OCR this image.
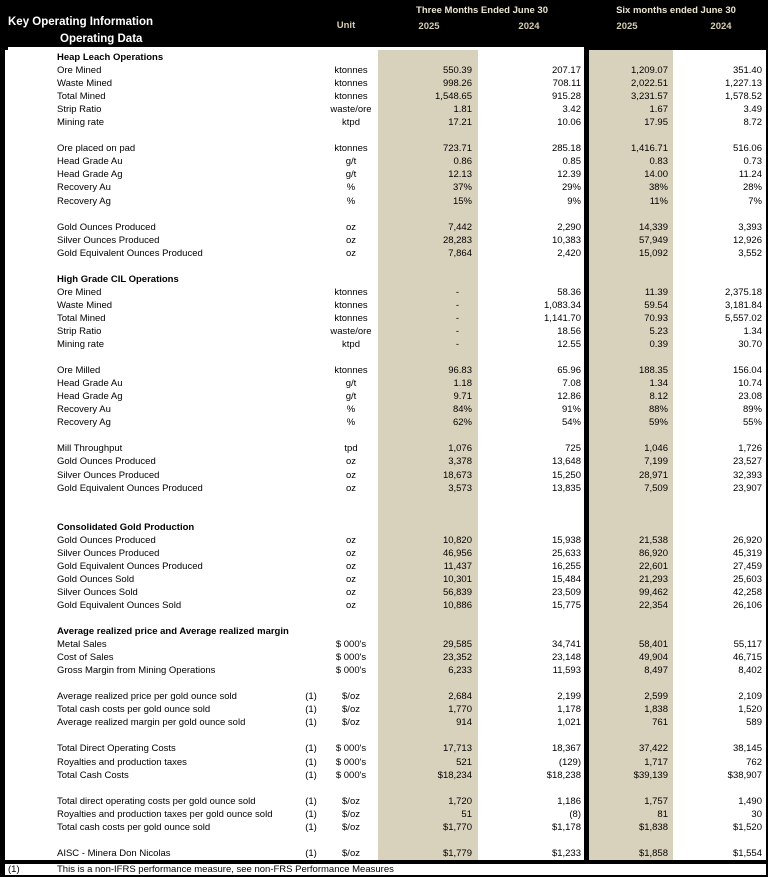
Key Operating Information
Operating Data
Unit
Three Months Ended June 30	Six months ended June 30
2025	2024	2025	2024
Heap Leach Operations
Ore Mined	ktonnes	550.39	207.17	1,209.07	351.40
Waste Mined	ktonnes	998.26	708.11	2,022.51	1,227.13
Total Mined	ktonnes	1,548.65	915.28	3,231.57	1,578.52
Strip Ratio	waste/ore	1.81	3.42	1.67	3.49
Mining rate	ktpd	17.21	10.06	17.95	8.72
Ore placed on pad	ktonnes	723.71	285.18	1,416.71	516.06
Head Grade Au	g/t	0.86	0.85	0.83	0.73
Head Grade Ag	g/t	12.13	12.39	14.00	11.24
Recovery Au	%	37%	29%	38%	28%
Recovery Ag	%	15%	9%	11%	7%
Gold Ounces Produced	oz	7,442	2,290	14,339	3,393
Silver Ounces Produced	oz	28,283	10,383	57,949	12,926
Gold Equivalent Ounces Produced	oz	7,864	2,420	15,092	3,552
High Grade CIL Operations
Ore Mined	ktonnes	-	58.36	11.39	2,375.18
Waste Mined	ktonnes	-	1,083.34	59.54	3,181.84
Total Mined	ktonnes	-	1,141.70	70.93	5,557.02
Strip Ratio	waste/ore	-	18.56	5.23	1.34
Mining rate	ktpd	-	12.55	0.39	30.70
Ore Milled	ktonnes	96.83	65.96	188.35	156.04
Head Grade Au	g/t	1.18	7.08	1.34	10.74
Head Grade Ag	g/t	9.71	12.86	8.12	23.08
Recovery Au	%	84%	91%	88%	89%
Recovery Ag	%	62%	54%	59%	55%
Mill Throughput	tpd	1,076	725	1,046	1,726
Gold Ounces Produced	oz	3,378	13,648	7,199	23,527
Silver Ounces Produced	oz	18,673	15,250	28,971	32,393
Gold Equivalent Ounces Produced	oz	3,573	13,835	7,509	23,907
Consolidated Gold Production
Gold Ounces Produced	oz	10,820	15,938	21,538	26,920
Silver Ounces Produced	oz	46,956	25,633	86,920	45,319
Gold Equivalent Ounces Produced	oz	11,437	16,255	22,601	27,459
Gold Ounces Sold	oz	10,301	15,484	21,293	25,603
Silver Ounces Sold	oz	56,839	23,509	99,462	42,258
Gold Equivalent Ounces Sold	oz	10,886	15,775	22,354	26,106
Average realized price and Average realized margin
Metal Sales	$ 000's	29,585	34,741	58,401	55,117
Cost of Sales	$ 000's	23,352	23,148	49,904	46,715
Gross Margin from Mining Operations	$ 000's	6,233	11,593	8,497	8,402
Average realized price per gold ounce sold	(1)	$/oz	2,684	2,199	2,599	2,109
Total cash costs per gold ounce sold	(1)	$/oz	1,770	1,178	1,838	1,520
Average realized margin per gold ounce sold	(1)	$/oz	914	1,021	761	589
Total Direct Operating Costs	(1)	$ 000's	17,713	18,367	37,422	38,145
Royalties and production taxes	(1)	$ 000's	521	(129)	1,717	762
Total Cash Costs	(1)	$ 000's	$18,234	$18,238	$39,139	$38,907
Total direct operating costs per gold ounce sold	(1)	$/oz	1,720	1,186	1,757	1,490
Royalties and production taxes per gold ounce sold	(1)	$/oz	51	(8)	81	30
Total cash costs per gold ounce sold	(1)	$/oz	$1,770	$1,178	$1,838	$1,520
AISC - Minera Don Nicolas	(1)	$/oz	$1,779	$1,233	$1,858	$1,554
(1)	This is a non-IFRS performance measure, see non-FRS Performance Measures
